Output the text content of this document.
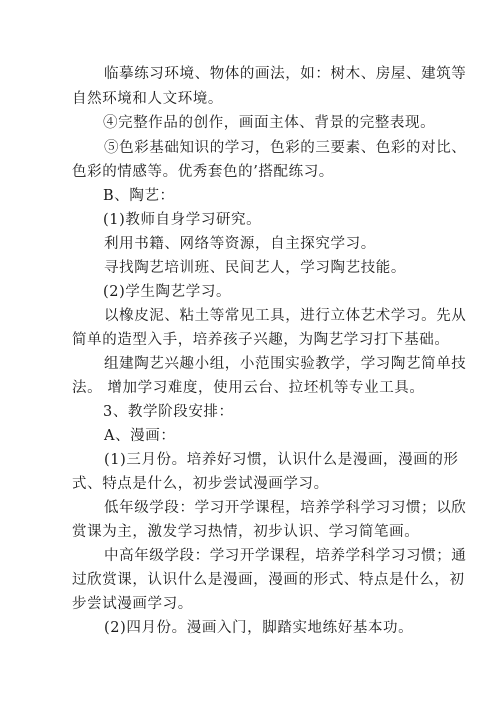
临摹练习环境、物体的画法，如：树木、房屋、建筑等
自然环境和人文环境。
④完整作品的创作，画面主体、背景的完整表现。
⑤色彩基础知识的学习，色彩的三要素、色彩的对比、
色彩的情感等。优秀套色的’搭配练习。
B、陶艺：
(1)教师自身学习研究。
利用书籍、网络等资源，自主探究学习。
寻找陶艺培训班、民间艺人，学习陶艺技能。
(2)学生陶艺学习。
以橡皮泥、粘土等常见工具，进行立体艺术学习。先从
简单的造型入手，培养孩子兴趣，为陶艺学习打下基础。
组建陶艺兴趣小组，小范围实验教学，学习陶艺简单技
法。 增加学习难度，使用云台、拉坯机等专业工具。
3、教学阶段安排：
A、漫画：
(1)三月份。培养好习惯，认识什么是漫画，漫画的形
式、特点是什么，初步尝试漫画学习。
低年级学段：学习开学课程，培养学科学习习惯；以欣
赏课为主，激发学习热情，初步认识、学习简笔画。
中高年级学段：学习开学课程，培养学科学习习惯；通
过欣赏课，认识什么是漫画，漫画的形式、特点是什么，初
步尝试漫画学习。
(2)四月份。漫画入门，脚踏实地练好基本功。
